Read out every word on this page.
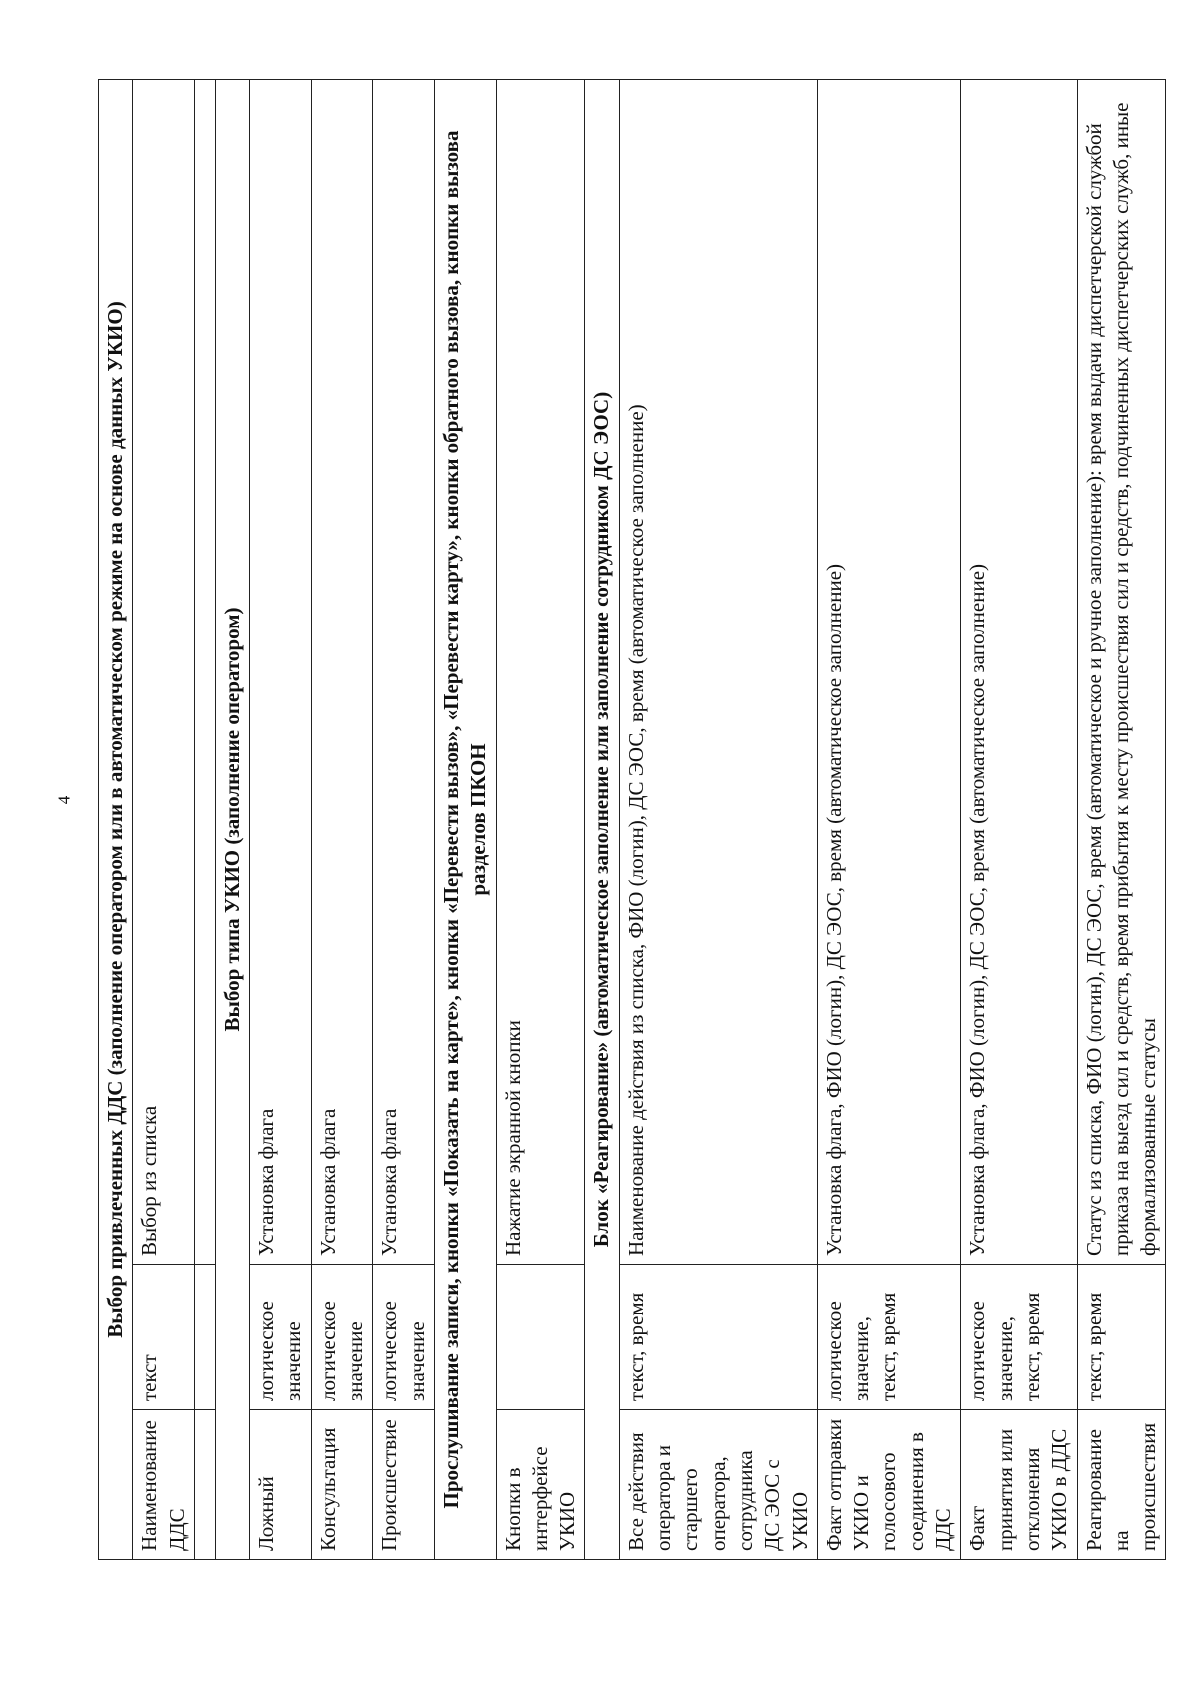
4 Выбор привлеченных ДДС (заполнение оператором или в автоматическом режиме на основе данных УКИО)		
Наименование ДДС	текст	Выбор из списка

Выбор типа УКИО (заполнение оператором)		
Ложный	логическое значение	Установка флага
Консультация	логическое значение	Установка флага
Происшествие	логическое значение	Установка флага
Прослушивание записи, кнопки «Показать на карте», кнопки «Перевести вызов», «Перевести карту», кнопки обратного вызова, кнопки вызова разделов ПКОН		
Кнопки в интерфейсе УКИО		Нажатие экранной кнопки
Блок «Реагирование» (автоматическое заполнение или заполнение сотрудником ДС ЭОС)		
Все действия оператора и старшего оператора, сотрудника ДС ЭОС с УКИО	текст, время	Наименование действия из списка, ФИО (логин), ДС ЭОС, время (автоматическое заполнение)
Факт отправки УКИО и голосового соединения в ДДС	логическое значение, текст, время	Установка флага, ФИО (логин), ДС ЭОС, время (автоматическое заполнение)
Факт принятия или отклонения УКИО в ДДС	логическое значение, текст, время	Установка флага, ФИО (логин), ДС ЭОС, время (автоматическое заполнение)
Реагирование на происшествия	текст, время	Статус из списка, ФИО (логин), ДС ЭОС, время (автоматическое и ручное заполнение): время выдачи диспетчерской службой приказа на выезд сил и средств, время прибытия к месту происшествия сил и средств, подчиненных диспетчерских служб, иные формализованные статусы
